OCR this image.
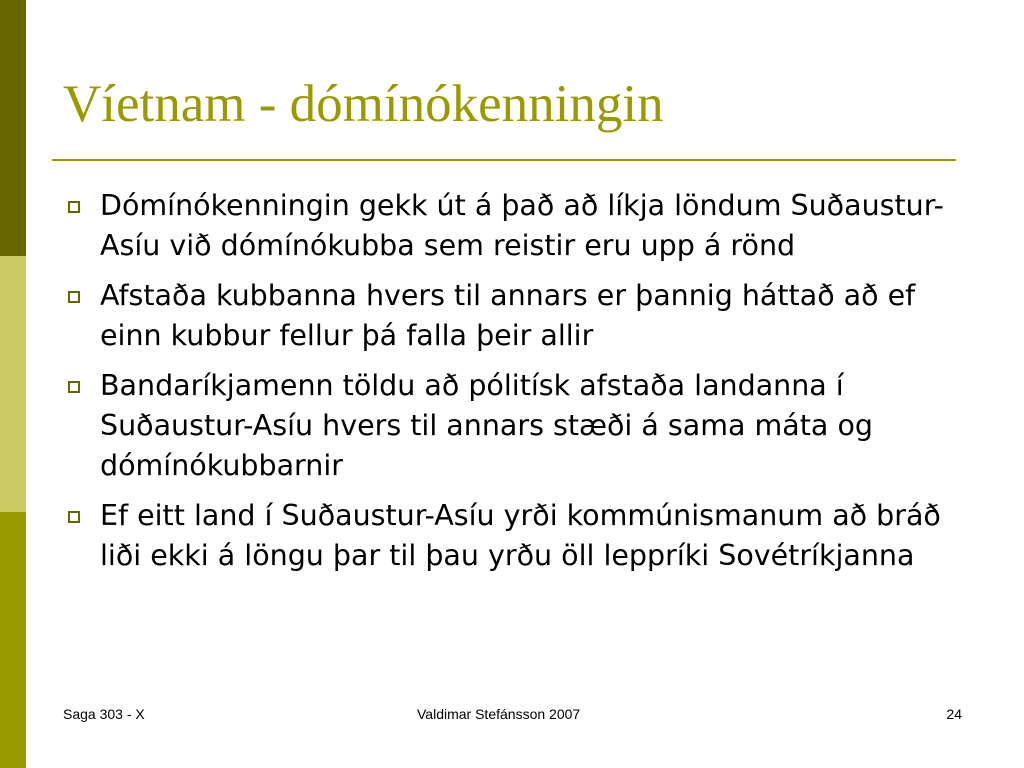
Víetnam - dómínókenningin
Dómínókenningin gekk út á það að líkja löndum Suðaustur-Asíu við dómínókubba sem reistir eru upp á rönd
Afstaða kubbanna hvers til annars er þannig háttað að ef einn kubbur fellur þá falla þeir allir
Bandaríkjamenn töldu að pólitísk afstaða landanna í Suðaustur-Asíu hvers til annars stæði á sama máta og dómínókubbarnir
Ef eitt land í Suðaustur-Asíu yrði kommúnismanum að bráð liði ekki á löngu þar til þau yrðu öll leppríki Sovétríkjanna
Saga 303 - X	Valdimar Stefánsson 2007	24
